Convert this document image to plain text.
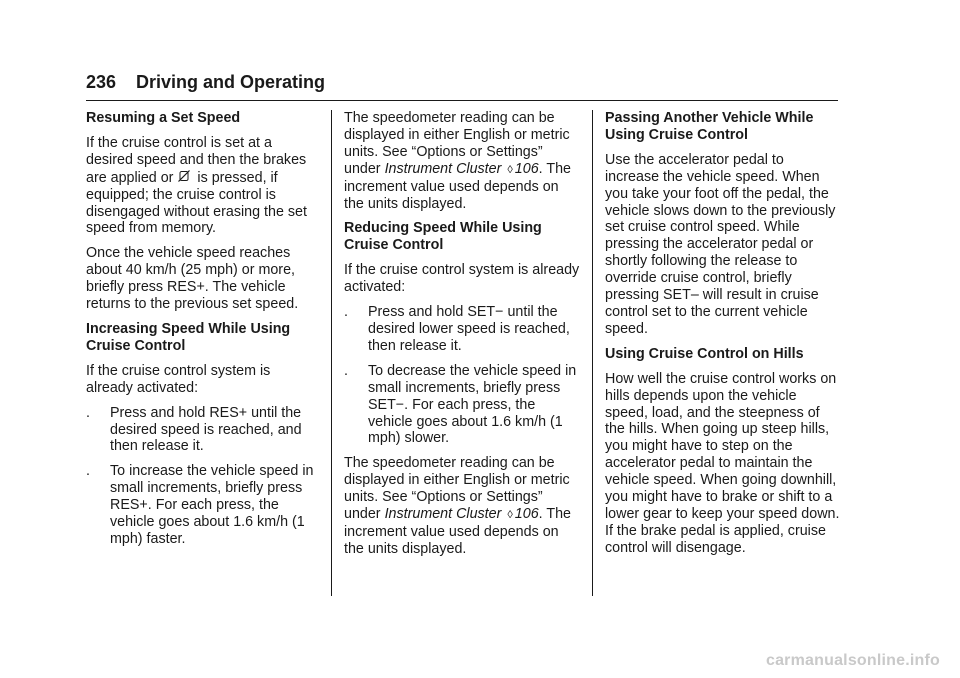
236 Driving and Operating
Resuming a Set Speed
If the cruise control is set at a desired speed and then the brakes are applied or is pressed, if equipped; the cruise control is disengaged without erasing the set speed from memory.
Once the vehicle speed reaches about 40 km/h (25 mph) or more, briefly press RES+. The vehicle returns to the previous set speed.
Increasing Speed While Using Cruise Control
If the cruise control system is already activated:
. Press and hold RES+ until the desired speed is reached, and then release it.
. To increase the vehicle speed in small increments, briefly press RES+. For each press, the vehicle goes about 1.6 km/h (1 mph) faster.
The speedometer reading can be displayed in either English or metric units. See “Options or Settings” under Instrument Cluster ◊ 106. The increment value used depends on the units displayed.
Reducing Speed While Using Cruise Control
If the cruise control system is already activated:
. Press and hold SET− until the desired lower speed is reached, then release it.
. To decrease the vehicle speed in small increments, briefly press SET−. For each press, the vehicle goes about 1.6 km/h (1 mph) slower.
The speedometer reading can be displayed in either English or metric units. See “Options or Settings” under Instrument Cluster ◊ 106. The increment value used depends on the units displayed.
Passing Another Vehicle While Using Cruise Control
Use the accelerator pedal to increase the vehicle speed. When you take your foot off the pedal, the vehicle slows down to the previously set cruise control speed. While pressing the accelerator pedal or shortly following the release to override cruise control, briefly pressing SET– will result in cruise control set to the current vehicle speed.
Using Cruise Control on Hills
How well the cruise control works on hills depends upon the vehicle speed, load, and the steepness of the hills. When going up steep hills, you might have to step on the accelerator pedal to maintain the vehicle speed. When going downhill, you might have to brake or shift to a lower gear to keep your speed down. If the brake pedal is applied, cruise control will disengage.
carmanualsonline.info
